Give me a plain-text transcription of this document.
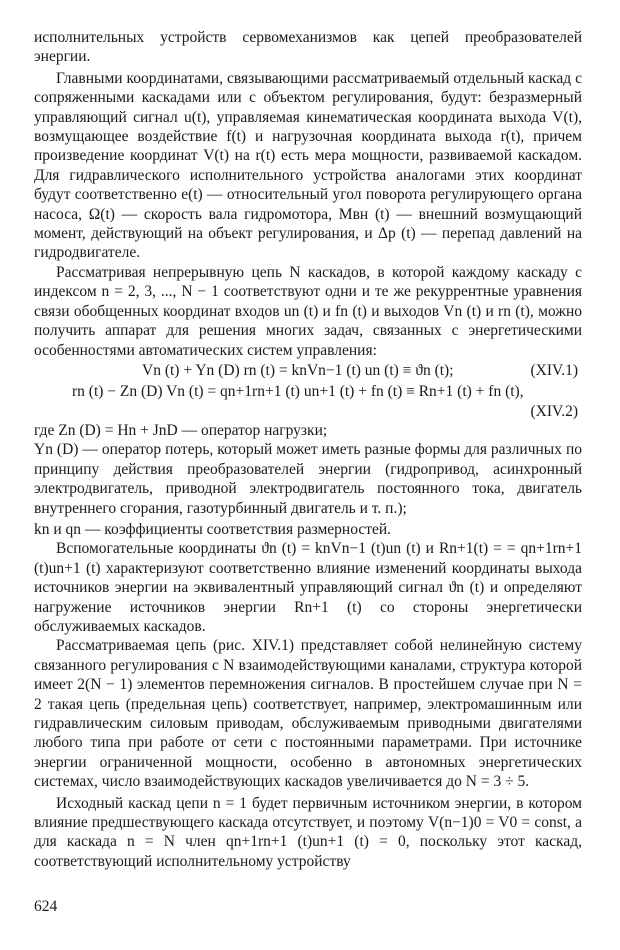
исполнительных устройств сервомеханизмов как цепей преобразователей энергии.

Главными координатами, связывающими рассматриваемый отдельный каскад с сопряженными каскадами или с объектом регулирования, будут: безразмерный управляющий сигнал u(t), управляемая кинематическая координата выхода V(t), возмущающее воздействие f(t) и нагрузочная координата выхода r(t), причем произведение координат V(t) на r(t) есть мера мощности, развиваемой каскадом. Для гидравлического исполнительного устройства аналогами этих координат будут соответственно e(t) — относительный угол поворота регулирующего органа насоса, Ω(t) — скорость вала гидромотора, Mвн (t) — внешний возмущающий момент, действующий на объект регулирования, и Δp (t) — перепад давлений на гидродвигателе.

Рассматривая непрерывную цепь N каскадов, в которой каждому каскаду с индексом n = 2, 3, ..., N − 1 соответствуют одни и те же рекуррентные уравнения связи обобщенных координат входов un (t) и fn (t) и выходов Vn (t) и rn (t), можно получить аппарат для решения многих задач, связанных с энергетическими особенностями автоматических систем управления:

Vn (t) + Yn (D) rn (t) = knVn−1 (t) un (t) ≡ ϑn (t);	(XIV.1)
rn (t) − Zn (D) Vn (t) = qn+1rn+1 (t) un+1 (t) + fn (t) ≡ Rn+1 (t) + fn (t),
(XIV.2)

где Zn (D) = Hn + JnD — оператор нагрузки;

Yn (D) — оператор потерь, который может иметь разные формы для различных по принципу действия преобразователей энергии (гидропривод, асинхронный электродвигатель, приводной электродвигатель постоянного тока, двигатель внутреннего сгорания, газотурбинный двигатель и т. п.);

kn и qn — коэффициенты соответствия размерностей.

Вспомогательные координаты ϑn (t) = knVn−1 (t)un (t) и Rn+1(t) = = qn+1rn+1 (t)un+1 (t) характеризуют соответственно влияние изменений координаты выхода источников энергии на эквивалентный управляющий сигнал ϑn (t) и определяют нагружение источников энергии Rn+1 (t) со стороны энергетически обслуживаемых каскадов.

Рассматриваемая цепь (рис. XIV.1) представляет собой нелинейную систему связанного регулирования с N взаимодействующими каналами, структура которой имеет 2(N − 1) элементов перемножения сигналов. В простейшем случае при N = 2 такая цепь (предельная цепь) соответствует, например, электромашинным или гидравлическим силовым приводам, обслуживаемым приводными двигателями любого типа при работе от сети с постоянными параметрами. При источнике энергии ограниченной мощности, особенно в автономных энергетических системах, число взаимодействующих каскадов увеличивается до N = 3 ÷ 5.

Исходный каскад цепи n = 1 будет первичным источником энергии, в котором влияние предшествующего каскада отсутствует, и поэтому V(n−1)0 = V0 = const, а для каскада n = N член qn+1rn+1 (t)un+1 (t) = 0, поскольку этот каскад, соответствующий исполнительному устройству

624
